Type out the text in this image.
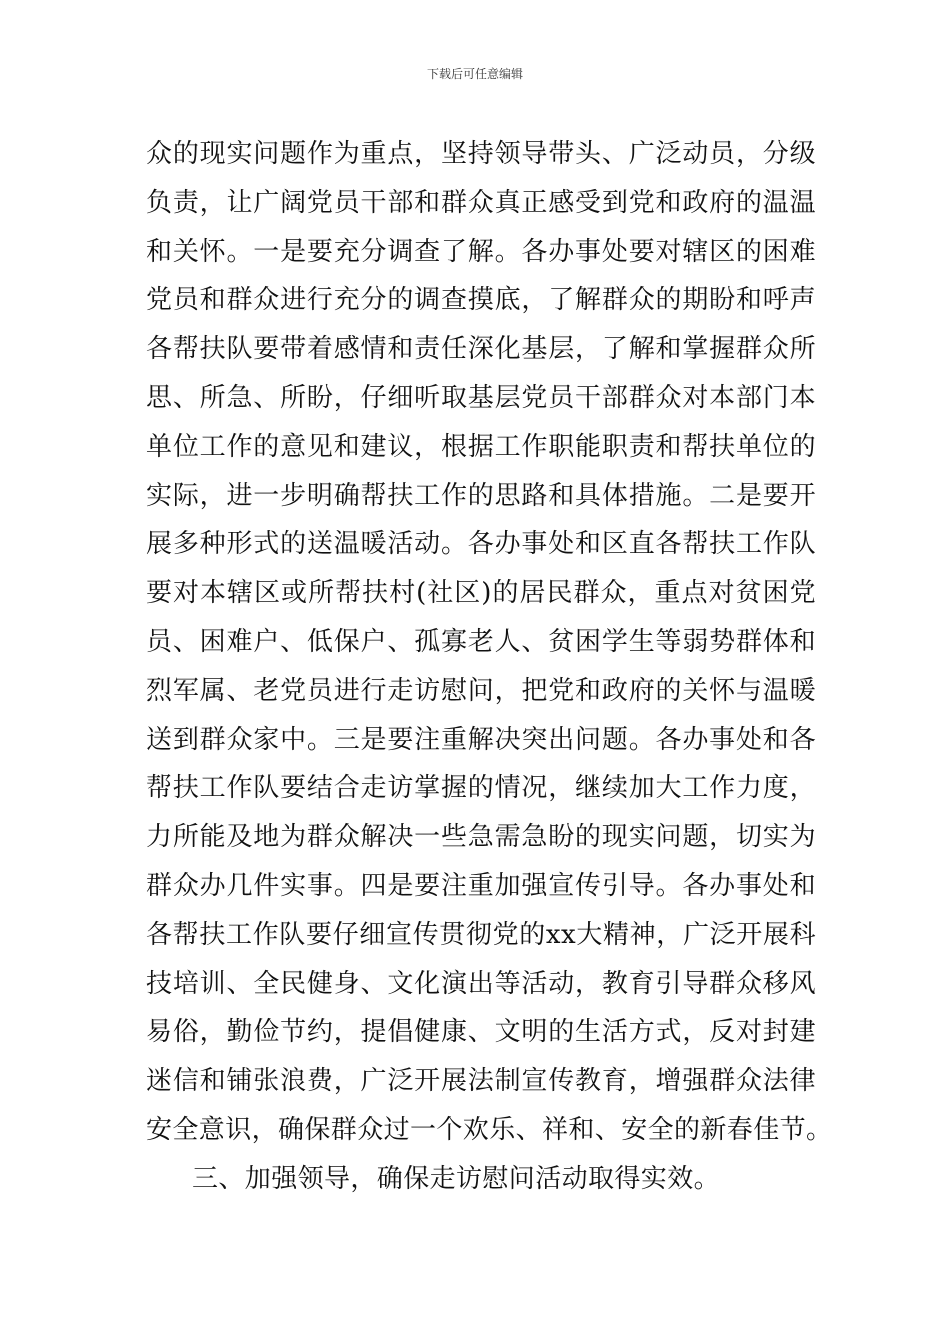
下载后可任意编辑
众的现实问题作为重点，坚持领导带头、广泛动员，分级
负责，让广阔党员干部和群众真正感受到党和政府的温温
和关怀。一是要充分调查了解。各办事处要对辖区的困难
党员和群众进行充分的调查摸底，了解群众的期盼和呼声
各帮扶队要带着感情和责任深化基层，了解和掌握群众所
思、所急、所盼，仔细听取基层党员干部群众对本部门本
单位工作的意见和建议，根据工作职能职责和帮扶单位的
实际，进一步明确帮扶工作的思路和具体措施。二是要开
展多种形式的送温暖活动。各办事处和区直各帮扶工作队
要对本辖区或所帮扶村(社区)的居民群众，重点对贫困党
员、困难户、低保户、孤寡老人、贫困学生等弱势群体和
烈军属、老党员进行走访慰问，把党和政府的关怀与温暖
送到群众家中。三是要注重解决突出问题。各办事处和各
帮扶工作队要结合走访掌握的情况，继续加大工作力度，
力所能及地为群众解决一些急需急盼的现实问题，切实为
群众办几件实事。四是要注重加强宣传引导。各办事处和
各帮扶工作队要仔细宣传贯彻党的xx大精神，广泛开展科
技培训、全民健身、文化演出等活动，教育引导群众移风
易俗，勤俭节约，提倡健康、文明的生活方式，反对封建
迷信和铺张浪费，广泛开展法制宣传教育，增强群众法律
安全意识，确保群众过一个欢乐、祥和、安全的新春佳节。
三、加强领导，确保走访慰问活动取得实效。
